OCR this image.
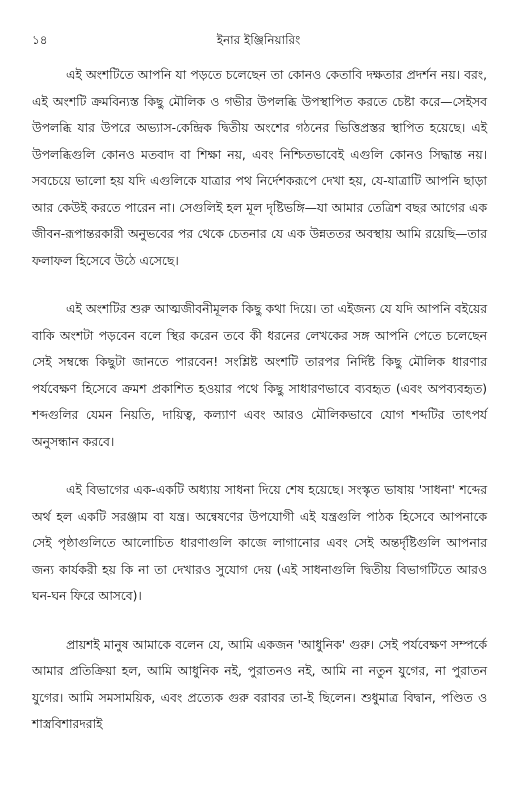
১৪	ইনার ইঞ্জিনিয়ারিং

এই অংশটিতে আপনি যা পড়তে চলেছেন তা কোনও কেতাবি দক্ষতার প্রদর্শন নয়। বরং, এই অংশটি ক্রমবিন্যস্ত কিছু মৌলিক ও গভীর উপলব্ধি উপস্থাপিত করতে চেষ্টা করে—সেইসব উপলব্ধি যার উপরে অভ্যাস-কেন্দ্রিক দ্বিতীয় অংশের গঠনের ভিত্তিপ্রস্তর স্থাপিত হয়েছে। এই উপলব্ধিগুলি কোনও মতবাদ বা শিক্ষা নয়, এবং নিশ্চিতভাবেই এগুলি কোনও সিদ্ধান্ত নয়। সবচেয়ে ভালো হয় যদি এগুলিকে যাত্রার পথ নির্দেশকরূপে দেখা হয়, যে-যাত্রাটি আপনি ছাড়া আর কেউই করতে পারেন না। সেগুলিই হল মূল দৃষ্টিভঙ্গি—যা আমার তেত্রিশ বছর আগের এক জীবন-রূপান্তরকারী অনুভবের পর থেকে চেতনার যে এক উন্নততর অবস্থায় আমি রয়েছি—তার ফলাফল হিসেবে উঠে এসেছে।

এই অংশটির শুরু আত্মজীবনীমূলক কিছু কথা দিয়ে। তা এইজন্য যে যদি আপনি বইয়ের বাকি অংশটা পড়বেন বলে স্থির করেন তবে কী ধরনের লেখকের সঙ্গ আপনি পেতে চলেছেন সেই সম্বন্ধে কিছুটা জানতে পারবেন! সংশ্লিষ্ট অংশটি তারপর নির্দিষ্ট কিছু মৌলিক ধারণার পর্যবেক্ষণ হিসেবে ক্রমশ প্রকাশিত হওয়ার পথে কিছু সাধারণভাবে ব্যবহৃত (এবং অপব্যবহৃত) শব্দগুলির যেমন নিয়তি, দায়িত্ব, কল্যাণ এবং আরও মৌলিকভাবে যোগ শব্দটির তাৎপর্য অনুসন্ধান করবে।

এই বিভাগের এক-একটি অধ্যায় সাধনা দিয়ে শেষ হয়েছে। সংস্কৃত ভাষায় 'সাধনা' শব্দের অর্থ হল একটি সরঞ্জাম বা যন্ত্র। অন্বেষণের উপযোগী এই যন্ত্রগুলি পাঠক হিসেবে আপনাকে সেই পৃষ্ঠাগুলিতে আলোচিত ধারণাগুলি কাজে লাগানোর এবং সেই অন্তর্দৃষ্টিগুলি আপনার জন্য কার্যকরী হয় কি না তা দেখারও সুযোগ দেয় (এই সাধনাগুলি দ্বিতীয় বিভাগটিতে আরও ঘন-ঘন ফিরে আসবে)।

প্রায়শই মানুষ আমাকে বলেন যে, আমি একজন 'আধুনিক' গুরু। সেই পর্যবেক্ষণ সম্পর্কে আমার প্রতিক্রিয়া হল, আমি আধুনিক নই, পুরাতনও নই, আমি না নতুন যুগের, না পুরাতন যুগের। আমি সমসাময়িক, এবং প্রত্যেক গুরু বরাবর তা-ই ছিলেন। শুধুমাত্র বিদ্বান, পণ্ডিত ও শাস্ত্রবিশারদরাই
